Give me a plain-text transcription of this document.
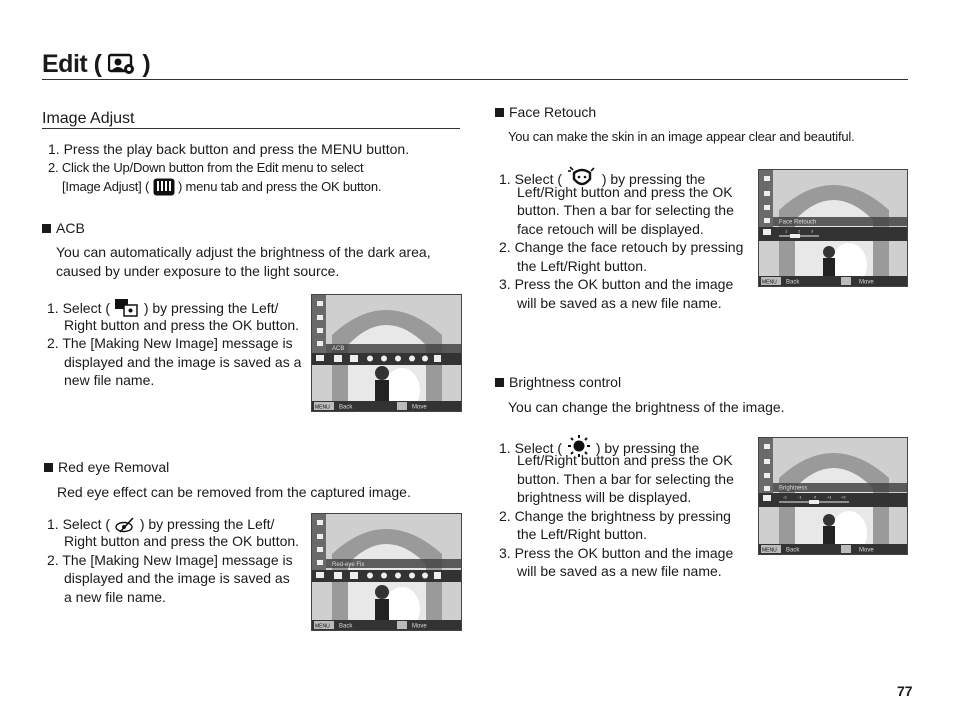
Edit ( )
Image Adjust
1. Press the play back button and press the MENU button.
2. Click the Up/Down button from the Edit menu to select
[Image Adjust] ( ) menu tab and press the OK button.
ACB
You can automatically adjust the brightness of the dark area,
caused by under exposure to the light source.
1. Select ( ) by pressing the Left/
Right button and press the OK button.
2. The [Making New Image] message is
displayed and the image is saved as a
new file name.
ACB
MENU Back	Move
Red eye Removal
Red eye effect can be removed from the captured image.
1. Select ( ) by pressing the Left/
Right button and press the OK button.
2. The [Making New Image] message is
displayed and the image is saved as
a new file name.
Red-eye Fix
MENU Back	Move
Face Retouch
You can make the skin in an image appear clear and beautiful.
1. Select (	) by pressing the
Left/Right button and press the OK
button. Then a bar for selecting the
face retouch will be displayed.
2. Change the face retouch by pressing
the Left/Right button.
3. Press the OK button and the image
will be saved as a new file name.
1	2	3
Face Retouch
MENU Back	Move
Brightness control
You can change the brightness of the image.
1. Select ( ) by pressing the
Left/Right button and press the OK
button. Then a bar for selecting the
brightness will be displayed.
2. Change the brightness by pressing
the Left/Right button.
3. Press the OK button and the image
will be saved as a new file name.
-2	-1	0	+1 +2
Brightness
MENU Back	Move
77
